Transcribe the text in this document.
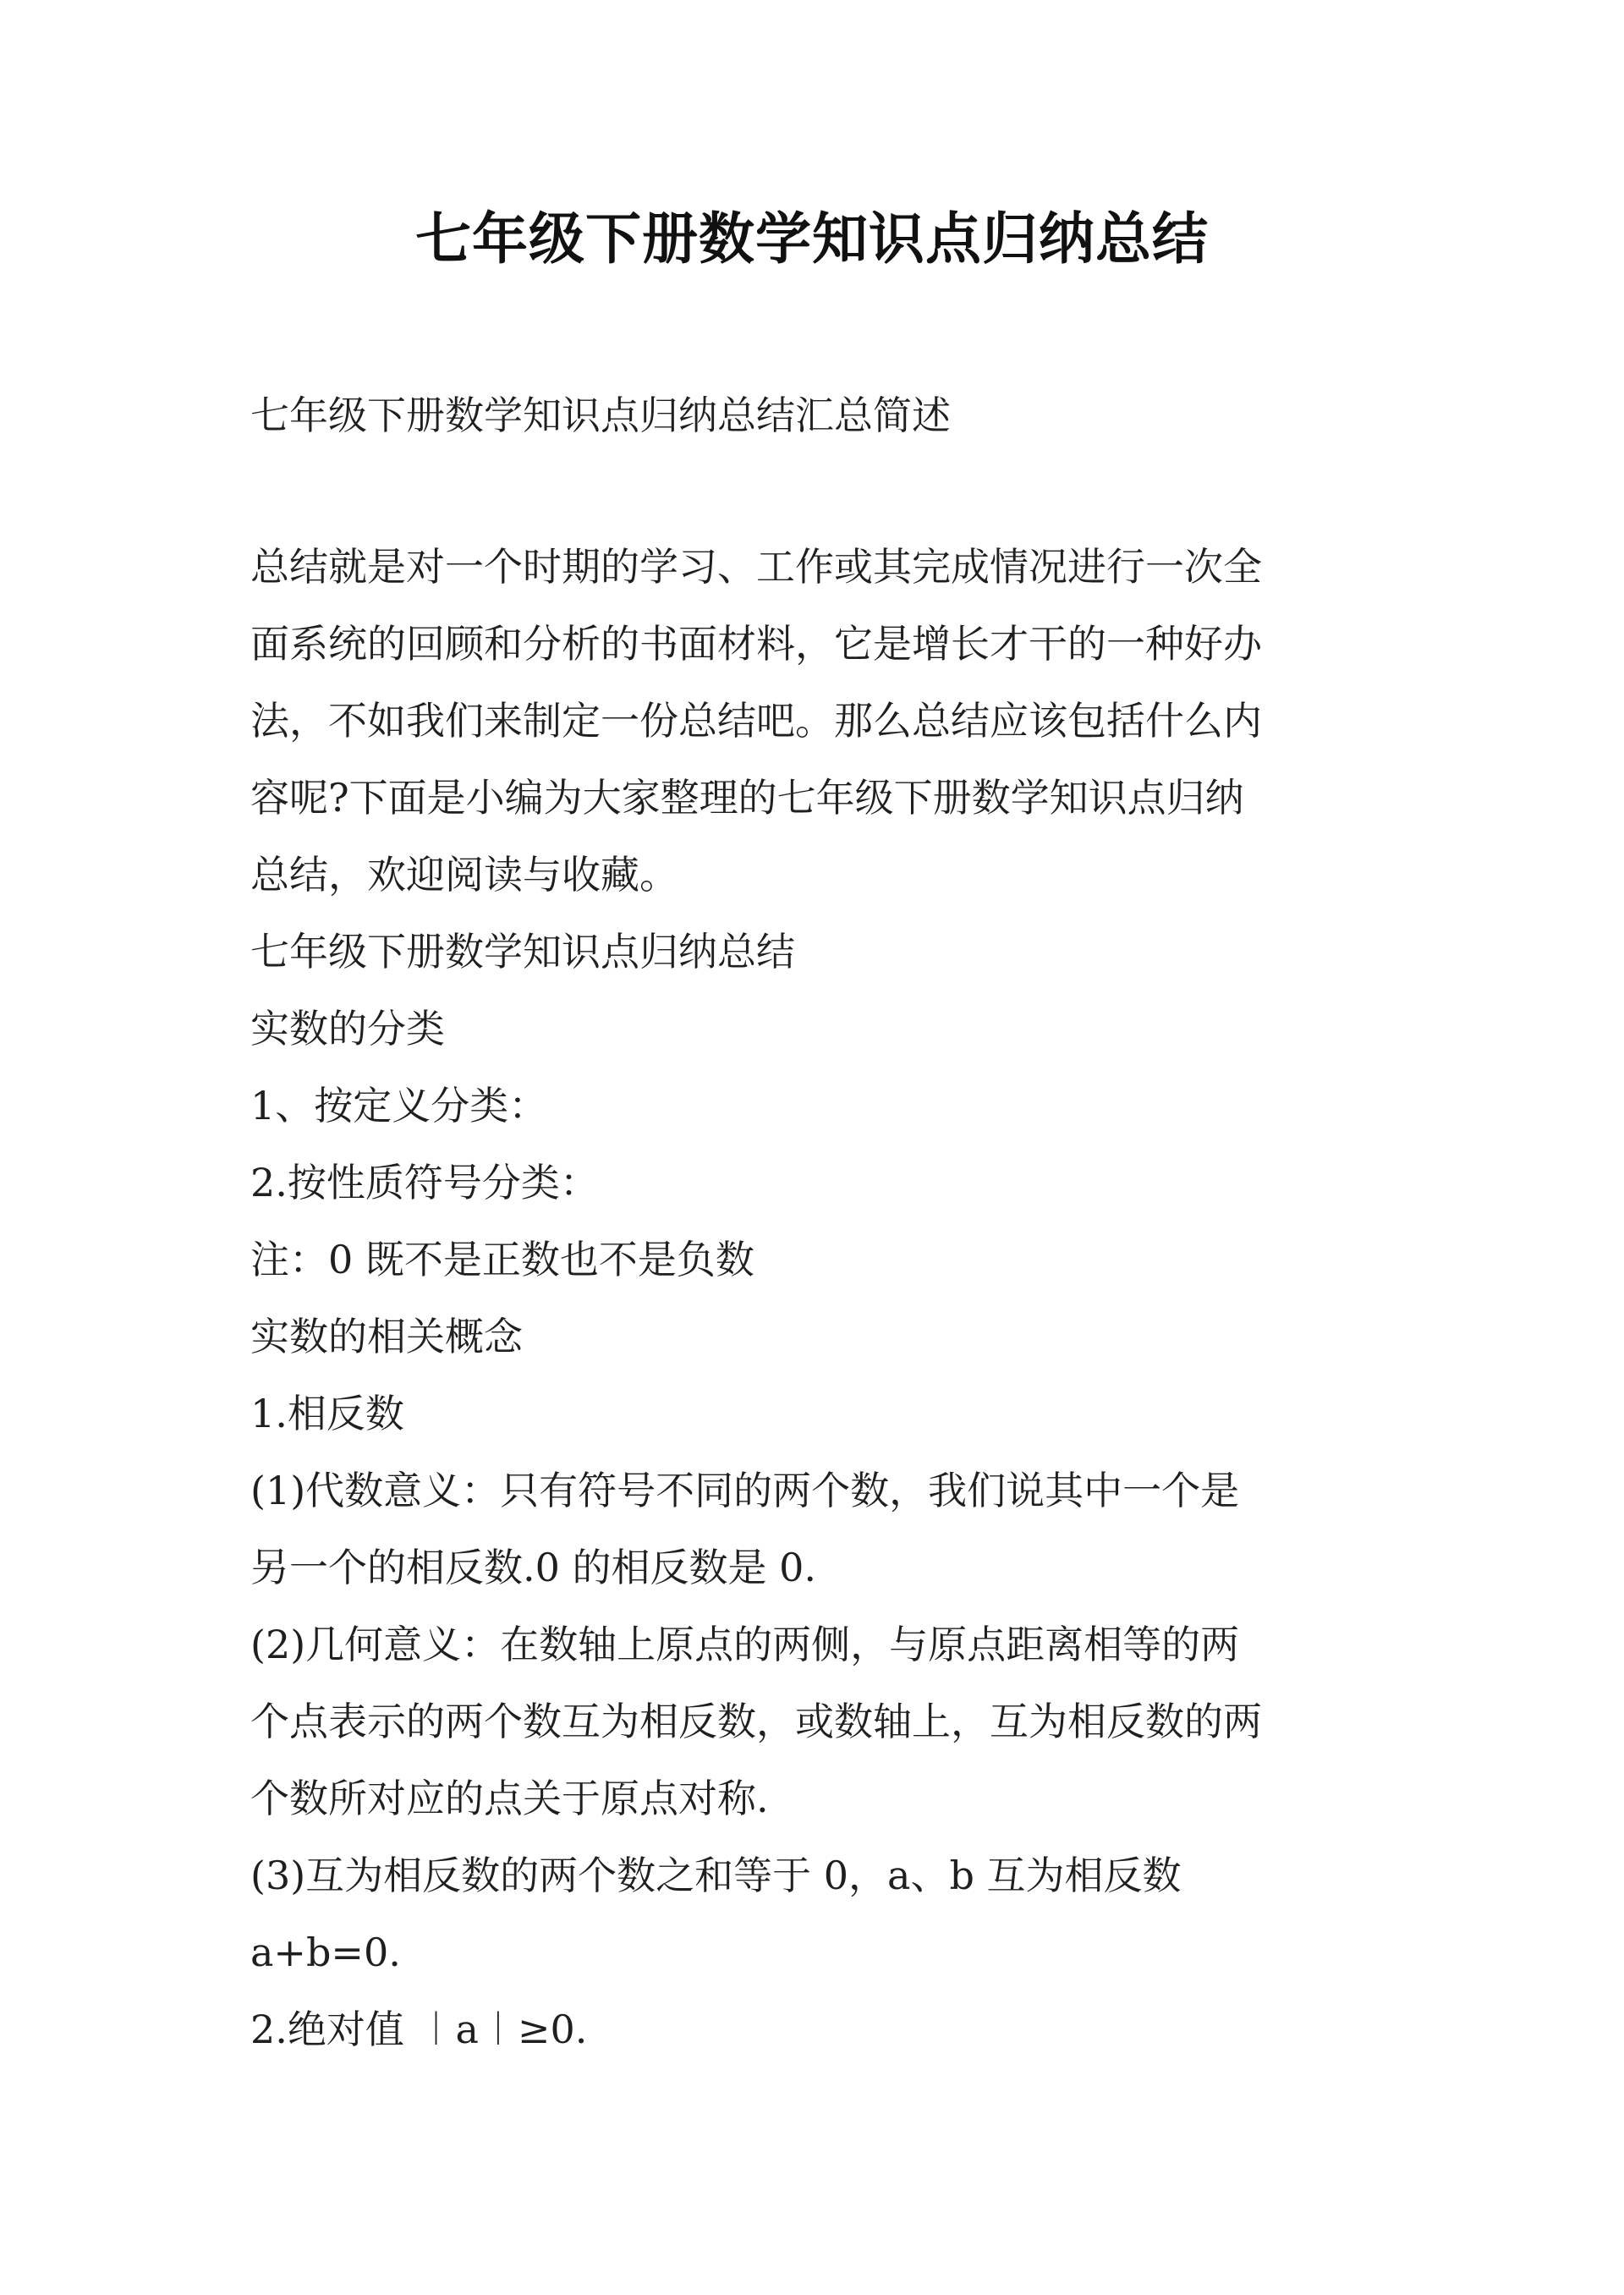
七年级下册数学知识点归纳总结
七年级下册数学知识点归纳总结汇总简述
总结就是对一个时期的学习、工作或其完成情况进行一次全
面系统的回顾和分析的书面材料，它是增长才干的一种好办
法，不如我们来制定一份总结吧。那么总结应该包括什么内
容呢?下面是小编为大家整理的七年级下册数学知识点归纳
总结，欢迎阅读与收藏。
七年级下册数学知识点归纳总结
实数的分类
1、按定义分类：
2.按性质符号分类：
注：0 既不是正数也不是负数
实数的相关概念
1.相反数
(1)代数意义：只有符号不同的两个数，我们说其中一个是
另一个的相反数.0 的相反数是 0.
(2)几何意义：在数轴上原点的两侧，与原点距离相等的两
个点表示的两个数互为相反数，或数轴上，互为相反数的两
个数所对应的点关于原点对称.
(3)互为相反数的两个数之和等于 0，a、b 互为相反数
a+b=0.
2.绝对值 ︱a︱≥0.
